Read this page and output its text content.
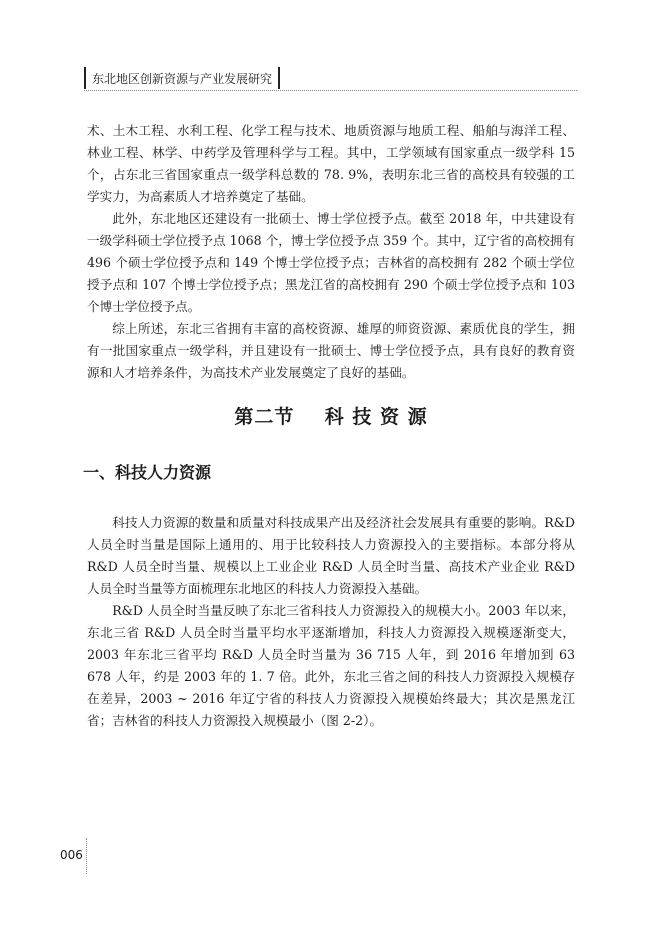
东北地区创新资源与产业发展研究

术、土木工程、水利工程、化学工程与技术、地质资源与地质工程、船舶与海洋工程、林业工程、林学、中药学及管理科学与工程。其中，工学领域有国家重点一级学科 15 个，占东北三省国家重点一级学科总数的 78. 9%，表明东北三省的高校具有较强的工学实力，为高素质人才培养奠定了基础。

此外，东北地区还建设有一批硕士、博士学位授予点。截至 2018 年，中共建设有一级学科硕士学位授予点 1068 个，博士学位授予点 359 个。其中，辽宁省的高校拥有 496 个硕士学位授予点和 149 个博士学位授予点；吉林省的高校拥有 282 个硕士学位授予点和 107 个博士学位授予点；黑龙江省的高校拥有 290 个硕士学位授予点和 103 个博士学位授予点。

综上所述，东北三省拥有丰富的高校资源、雄厚的师资资源、素质优良的学生，拥有一批国家重点一级学科，并且建设有一批硕士、博士学位授予点，具有良好的教育资源和人才培养条件，为高技术产业发展奠定了良好的基础。

第二节    科 技 资 源
一、科技人力资源

科技人力资源的数量和质量对科技成果产出及经济社会发展具有重要的影响。R&D 人员全时当量是国际上通用的、用于比较科技人力资源投入的主要指标。本部分将从 R&D 人员全时当量、规模以上工业企业 R&D 人员全时当量、高技术产业企业 R&D 人员全时当量等方面梳理东北地区的科技人力资源投入基础。

R&D 人员全时当量反映了东北三省科技人力资源投入的规模大小。2003 年以来，东北三省 R&D 人员全时当量平均水平逐渐增加，科技人力资源投入规模逐渐变大，2003 年东北三省平均 R&D 人员全时当量为 36 715 人年，到 2016 年增加到 63 678 人年，约是 2003 年的 1. 7 倍。此外，东北三省之间的科技人力资源投入规模存在差异，2003 ~ 2016 年辽宁省的科技人力资源投入规模始终最大；其次是黑龙江省；吉林省的科技人力资源投入规模最小（图 2-2）。

006
